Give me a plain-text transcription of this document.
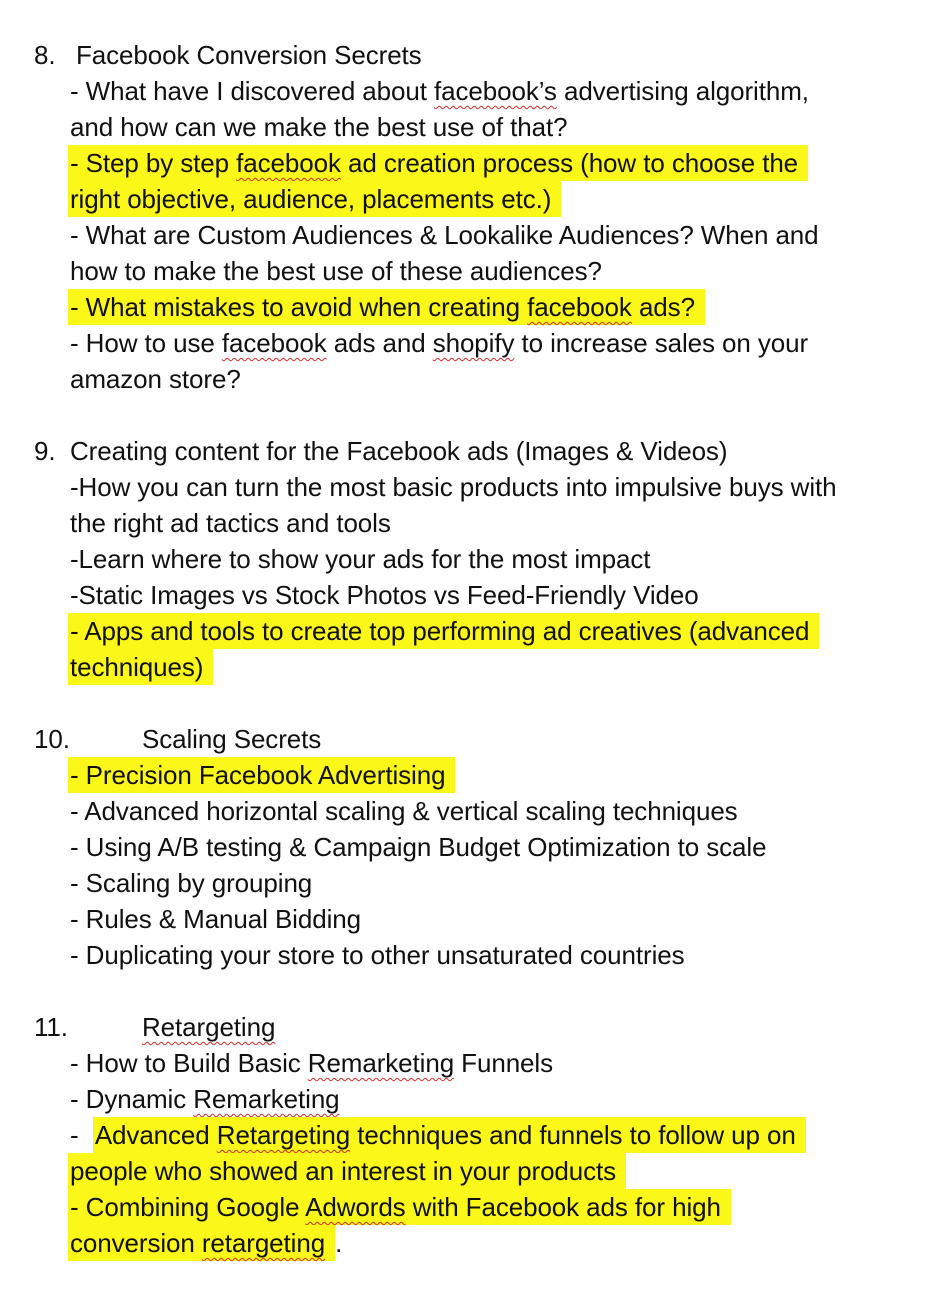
8. Facebook Conversion Secrets
- What have I discovered about facebook’s advertising algorithm,
and how can we make the best use of that?
- Step by step facebook ad creation process (how to choose the
right objective, audience, placements etc.)
- What are Custom Audiences & Lookalike Audiences? When and
how to make the best use of these audiences?
- What mistakes to avoid when creating facebook ads?
- How to use facebook ads and shopify to increase sales on your
amazon store?
9. Creating content for the Facebook ads (Images & Videos)
-How you can turn the most basic products into impulsive buys with
the right ad tactics and tools
-Learn where to show your ads for the most impact
-Static Images vs Stock Photos vs Feed-Friendly Video
- Apps and tools to create top performing ad creatives (advanced
techniques)
10.	Scaling Secrets
- Precision Facebook Advertising
- Advanced horizontal scaling & vertical scaling techniques
- Using A/B testing & Campaign Budget Optimization to scale
- Scaling by grouping
- Rules & Manual Bidding
- Duplicating your store to other unsaturated countries
11.	Retargeting
- How to Build Basic Remarketing Funnels
- Dynamic Remarketing
-  Advanced Retargeting techniques and funnels to follow up on
people who showed an interest in your products
- Combining Google Adwords with Facebook ads for high
conversion retargeting .
